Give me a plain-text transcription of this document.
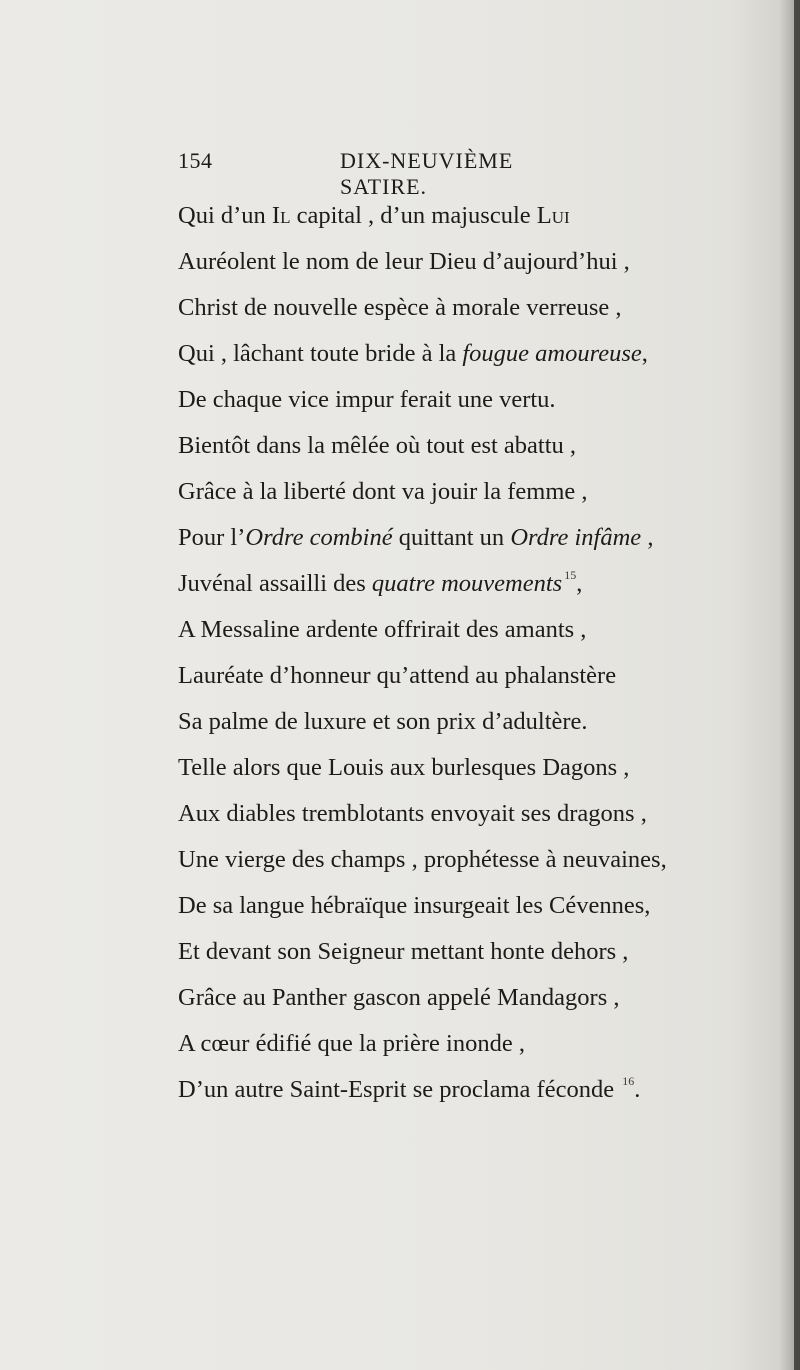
154	DIX-NEUVIÈME SATIRE.
Qui d’un Il capital , d’un majuscule Lui
Auréolent le nom de leur Dieu d’aujourd’hui ,
Christ de nouvelle espèce à morale verreuse ,
Qui , lâchant toute bride à la fougue amoureuse,
De chaque vice impur ferait une vertu.
Bientôt dans la mêlée où tout est abattu ,
Grâce à la liberté dont va jouir la femme ,
Pour l’Ordre combiné quittant un Ordre infâme ,
Juvénal assailli des quatre mouvements $^{15}$,
A Messaline ardente offrirait des amants ,
Lauréate d’honneur qu’attend au phalanstère
Sa palme de luxure et son prix d’adultère.
Telle alors que Louis aux burlesques Dagons ,
Aux diables tremblotants envoyait ses dragons ,
Une vierge des champs , prophétesse à neuvaines,
De sa langue hébraïque insurgeait les Cévennes,
Et devant son Seigneur mettant honte dehors ,
Grâce au Panther gascon appelé Mandagors ,
A cœur édifié que la prière inonde ,
D’un autre Saint-Esprit se proclama féconde $^{16}$.
